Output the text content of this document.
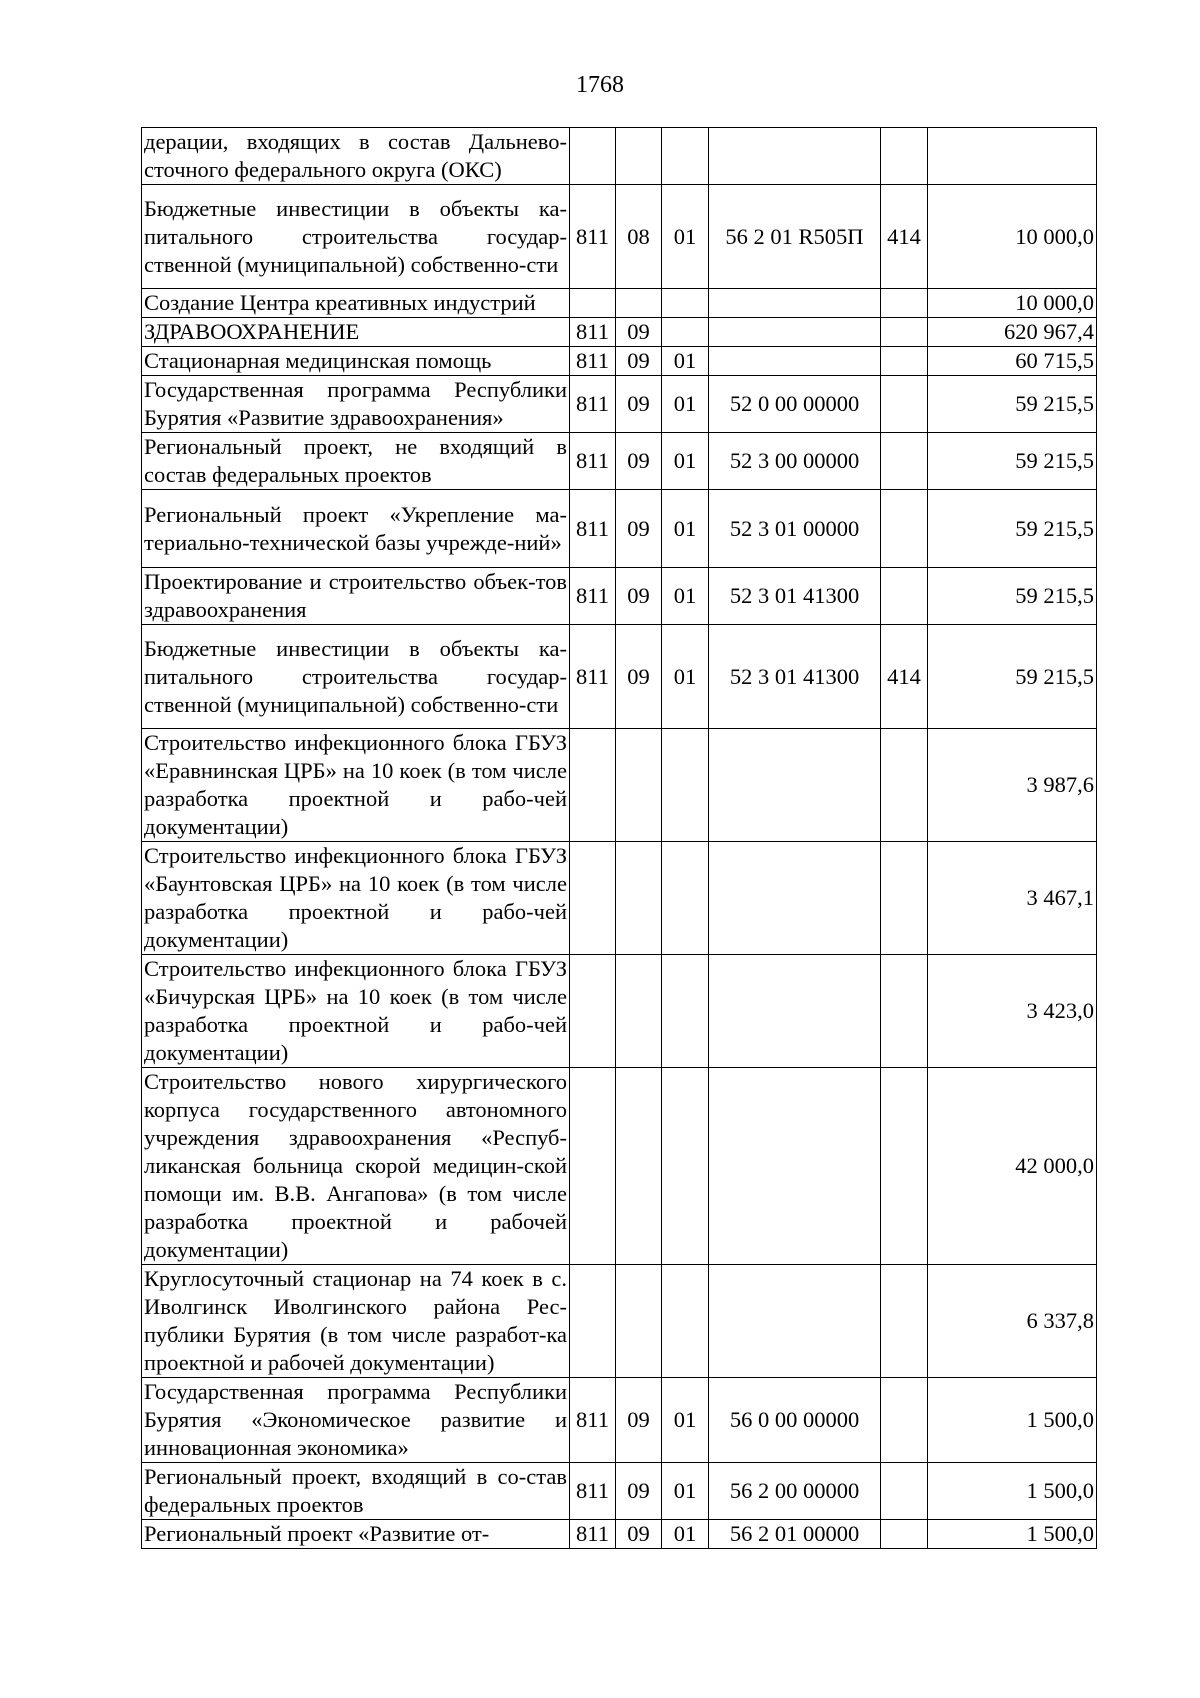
1768
дерации, входящих в состав Дальнево-сточного федерального округа (ОКС)						
Бюджетные инвестиции в объекты ка-питального строительства государ-ственной (муниципальной) собственно-сти	811	08	01	56 2 01 R505П	414	10 000,0
Создание Центра креативных индустрий						10 000,0
ЗДРАВООХРАНЕНИЕ	811	09				620 967,4
Стационарная медицинская помощь	811	09	01			60 715,5
Государственная программа Республики Бурятия «Развитие здравоохранения»	811	09	01	52 0 00 00000		59 215,5
Региональный проект, не входящий в состав федеральных проектов	811	09	01	52 3 00 00000		59 215,5
Региональный проект «Укрепление ма-териально-технической базы учрежде-ний»	811	09	01	52 3 01 00000		59 215,5
Проектирование и строительство объек-тов здравоохранения	811	09	01	52 3 01 41300		59 215,5
Бюджетные инвестиции в объекты ка-питального строительства государ-ственной (муниципальной) собственно-сти	811	09	01	52 3 01 41300	414	59 215,5
Строительство инфекционного блока ГБУЗ «Еравнинская ЦРБ» на 10 коек (в том числе разработка проектной и рабо-чей документации)						3 987,6
Строительство инфекционного блока ГБУЗ «Баунтовская ЦРБ» на 10 коек (в том числе разработка проектной и рабо-чей документации)						3 467,1
Строительство инфекционного блока ГБУЗ «Бичурская ЦРБ» на 10 коек (в том числе разработка проектной и рабо-чей документации)						3 423,0
Строительство нового хирургического корпуса государственного автономного учреждения здравоохранения «Респуб-ликанская больница скорой медицин-ской помощи им. В.В. Ангапова» (в том числе разработка проектной и рабочей документации)						42 000,0
Круглосуточный стационар на 74 коек в с. Иволгинск Иволгинского района Рес-публики Бурятия (в том числе разработ-ка проектной и рабочей документации)						6 337,8
Государственная программа Республики Бурятия «Экономическое развитие и инновационная экономика»	811	09	01	56 0 00 00000		1 500,0
Региональный проект, входящий в со-став федеральных проектов	811	09	01	56 2 00 00000		1 500,0
Региональный проект «Развитие от-	811	09	01	56 2 01 00000		1 500,0
